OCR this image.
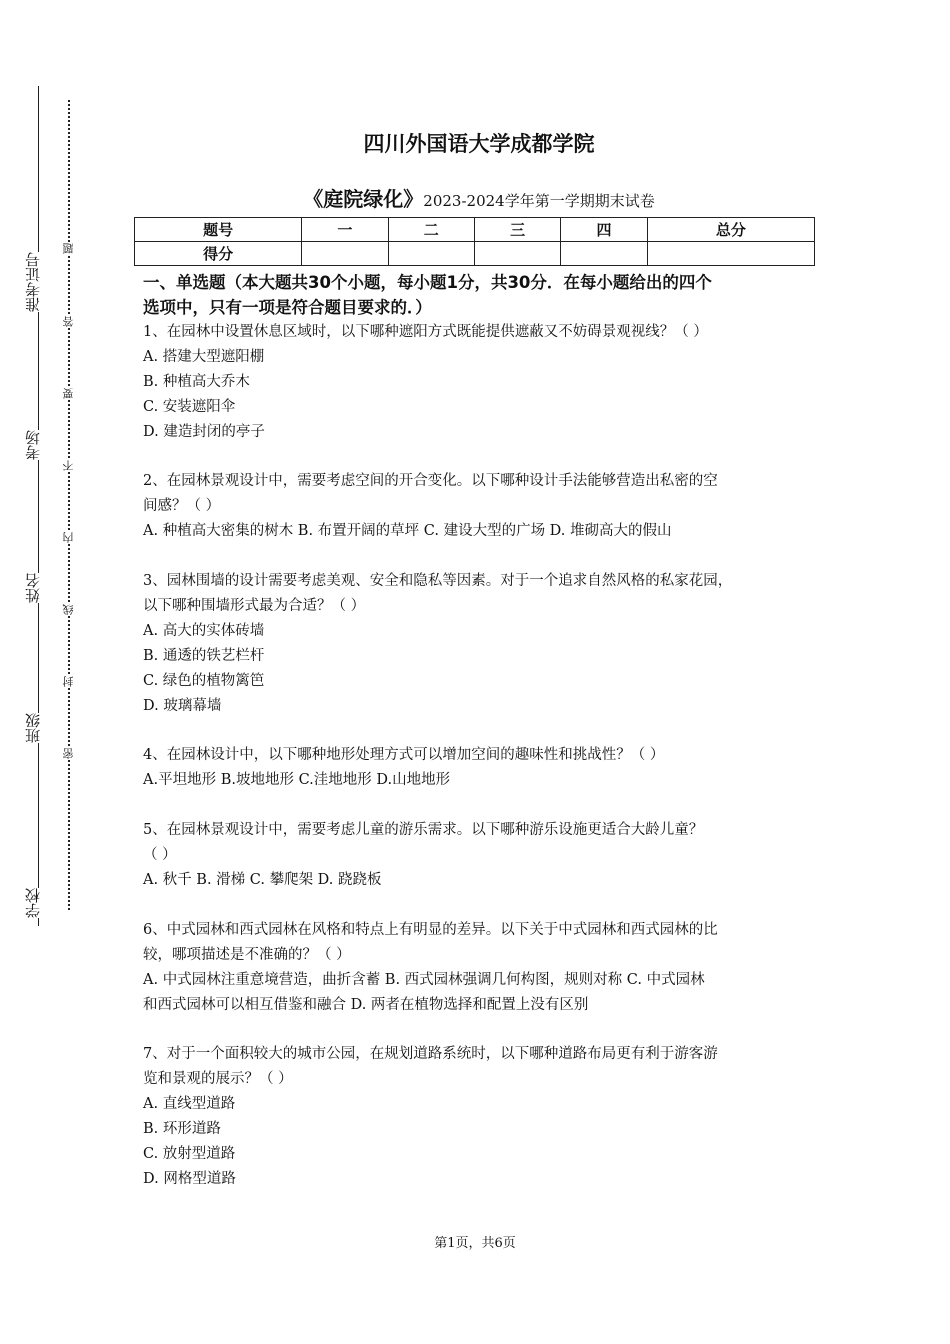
准考证号
考场
姓名
班级
学校
题
答
要
不
内
线
封
密
四川外国语大学成都学院
《庭院绿化》2023-2024学年第一学期期末试卷
题号	一	二	三	四	总分
得分					

一、单选题（本大题共30个小题，每小题1分，共30分．在每小题给出的四个

选项中，只有一项是符合题目要求的．）

1、在园林中设置休息区域时，以下哪种遮阳方式既能提供遮蔽又不妨碍景观视线？（ ）

A. 搭建大型遮阳棚

B. 种植高大乔木

C. 安装遮阳伞

D. 建造封闭的亭子

2、在园林景观设计中，需要考虑空间的开合变化。以下哪种设计手法能够营造出私密的空

间感？（ ）

A. 种植高大密集的树木 B. 布置开阔的草坪 C. 建设大型的广场 D. 堆砌高大的假山

3、园林围墙的设计需要考虑美观、安全和隐私等因素。对于一个追求自然风格的私家花园，

以下哪种围墙形式最为合适？（ ）

A. 高大的实体砖墙

B. 通透的铁艺栏杆

C. 绿色的植物篱笆

D. 玻璃幕墙

4、在园林设计中，以下哪种地形处理方式可以增加空间的趣味性和挑战性？（ ）

A.平坦地形 B.坡地地形 C.洼地地形 D.山地地形

5、在园林景观设计中，需要考虑儿童的游乐需求。以下哪种游乐设施更适合大龄儿童？

（ ）

A. 秋千 B. 滑梯 C. 攀爬架 D. 跷跷板

6、中式园林和西式园林在风格和特点上有明显的差异。以下关于中式园林和西式园林的比

较，哪项描述是不准确的？（ ）

A. 中式园林注重意境营造，曲折含蓄 B. 西式园林强调几何构图，规则对称 C. 中式园林

和西式园林可以相互借鉴和融合 D. 两者在植物选择和配置上没有区别

7、对于一个面积较大的城市公园，在规划道路系统时，以下哪种道路布局更有利于游客游

览和景观的展示？（ ）

A. 直线型道路

B. 环形道路

C. 放射型道路

D. 网格型道路

第1页，共6页
